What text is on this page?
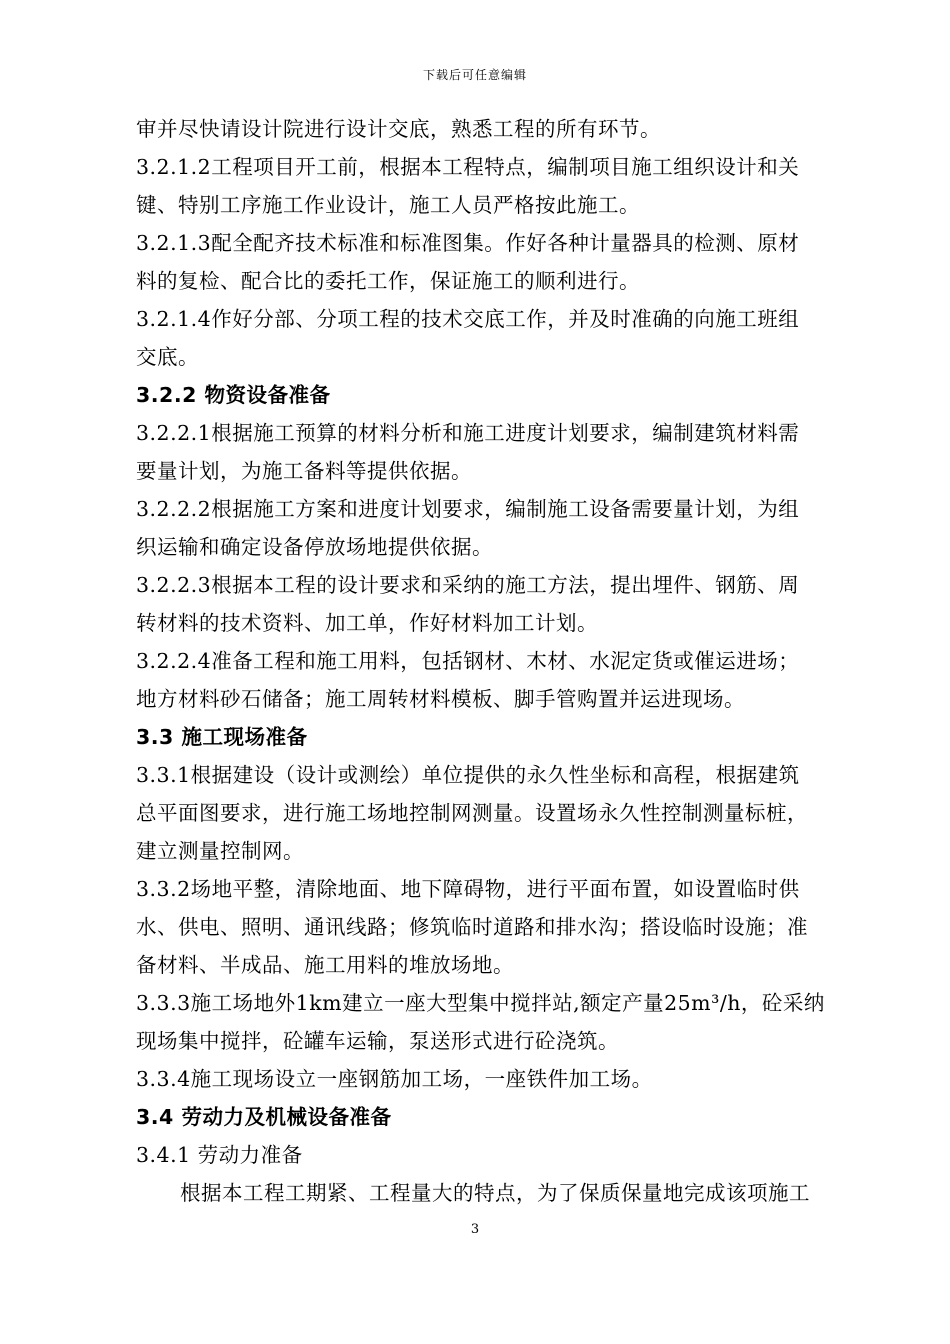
下载后可任意编辑
审并尽快请设计院进行设计交底，熟悉工程的所有环节。
3.2.1.2工程项目开工前，根据本工程特点，编制项目施工组织设计和关
键、特别工序施工作业设计，施工人员严格按此施工。
3.2.1.3配全配齐技术标准和标准图集。作好各种计量器具的检测、原材
料的复检、配合比的委托工作，保证施工的顺利进行。
3.2.1.4作好分部、分项工程的技术交底工作，并及时准确的向施工班组
交底。
3.2.2 物资设备准备
3.2.2.1根据施工预算的材料分析和施工进度计划要求，编制建筑材料需
要量计划，为施工备料等提供依据。
3.2.2.2根据施工方案和进度计划要求，编制施工设备需要量计划，为组
织运输和确定设备停放场地提供依据。
3.2.2.3根据本工程的设计要求和采纳的施工方法，提出埋件、钢筋、周
转材料的技术资料、加工单，作好材料加工计划。
3.2.2.4准备工程和施工用料，包括钢材、木材、水泥定货或催运进场；
地方材料砂石储备；施工周转材料模板、脚手管购置并运进现场。
3.3 施工现场准备
3.3.1根据建设（设计或测绘）单位提供的永久性坐标和高程，根据建筑
总平面图要求，进行施工场地控制网测量。设置场永久性控制测量标桩，
建立测量控制网。
3.3.2场地平整，清除地面、地下障碍物，进行平面布置，如设置临时供
水、供电、照明、通讯线路；修筑临时道路和排水沟；搭设临时设施；准
备材料、半成品、施工用料的堆放场地。
3.3.3施工场地外1km建立一座大型集中搅拌站,额定产量25m³/h，砼采纳
现场集中搅拌，砼罐车运输，泵送形式进行砼浇筑。
3.3.4施工现场设立一座钢筋加工场，一座铁件加工场。
3.4 劳动力及机械设备准备
3.4.1 劳动力准备
根据本工程工期紧、工程量大的特点，为了保质保量地完成该项施工
3
